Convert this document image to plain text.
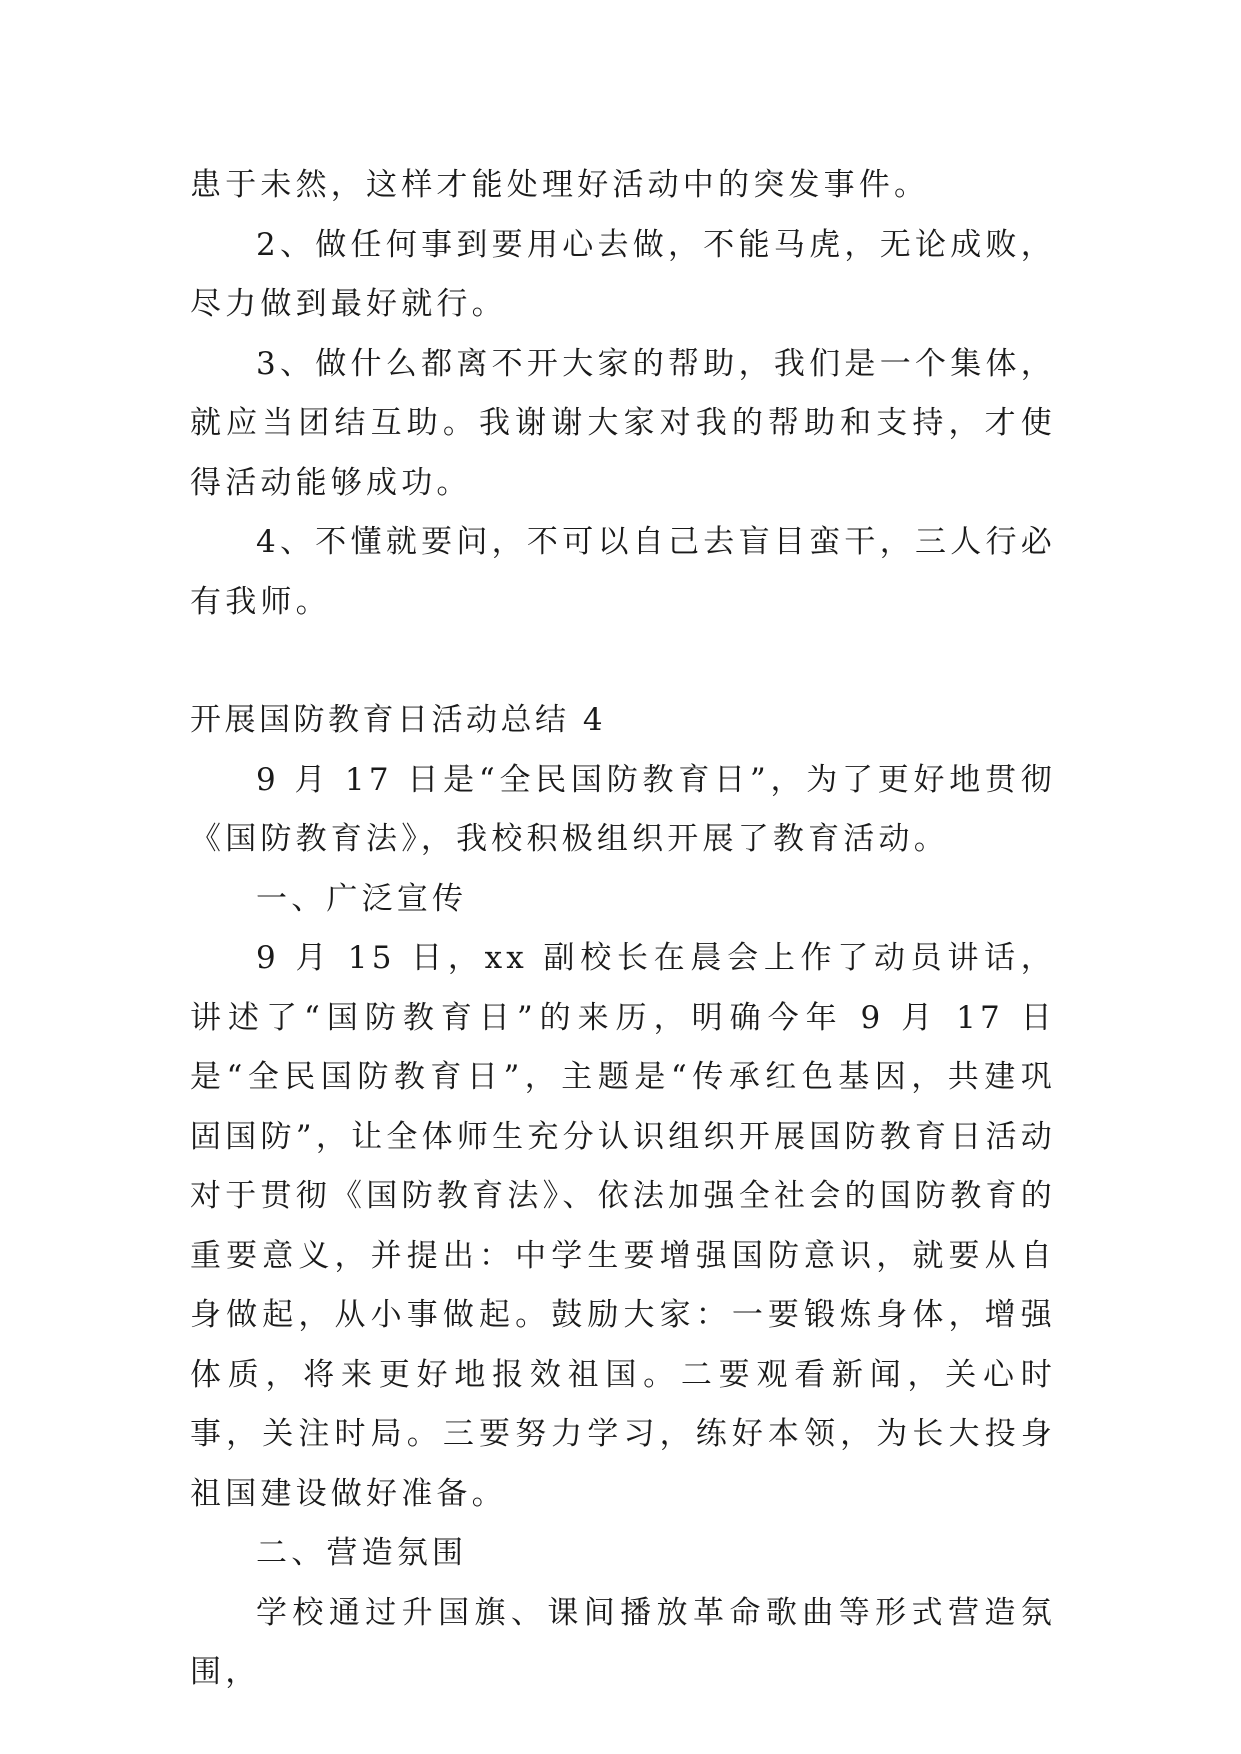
患于未然，这样才能处理好活动中的突发事件。

2、做任何事到要用心去做，不能马虎，无论成败，尽力做到最好就行。

3、做什么都离不开大家的帮助，我们是一个集体，就应当团结互助。我谢谢大家对我的帮助和支持，才使得活动能够成功。

4、不懂就要问，不可以自己去盲目蛮干，三人行必有我师。

开展国防教育日活动总结 4

9 月 17 日是“全民国防教育日”，为了更好地贯彻《国防教育法》，我校积极组织开展了教育活动。

一、广泛宣传

9 月 15 日，xx 副校长在晨会上作了动员讲话，讲述了“国防教育日”的来历，明确今年 9 月 17 日是“全民国防教育日”，主题是“传承红色基因，共建巩固国防”，让全体师生充分认识组织开展国防教育日活动对于贯彻《国防教育法》、依法加强全社会的国防教育的重要意义，并提出：中学生要增强国防意识，就要从自身做起，从小事做起。鼓励大家：一要锻炼身体，增强体质，将来更好地报效祖国。二要观看新闻，关心时事，关注时局。三要努力学习，练好本领，为长大投身祖国建设做好准备。

二、营造氛围

学校通过升国旗、课间播放革命歌曲等形式营造氛围，
